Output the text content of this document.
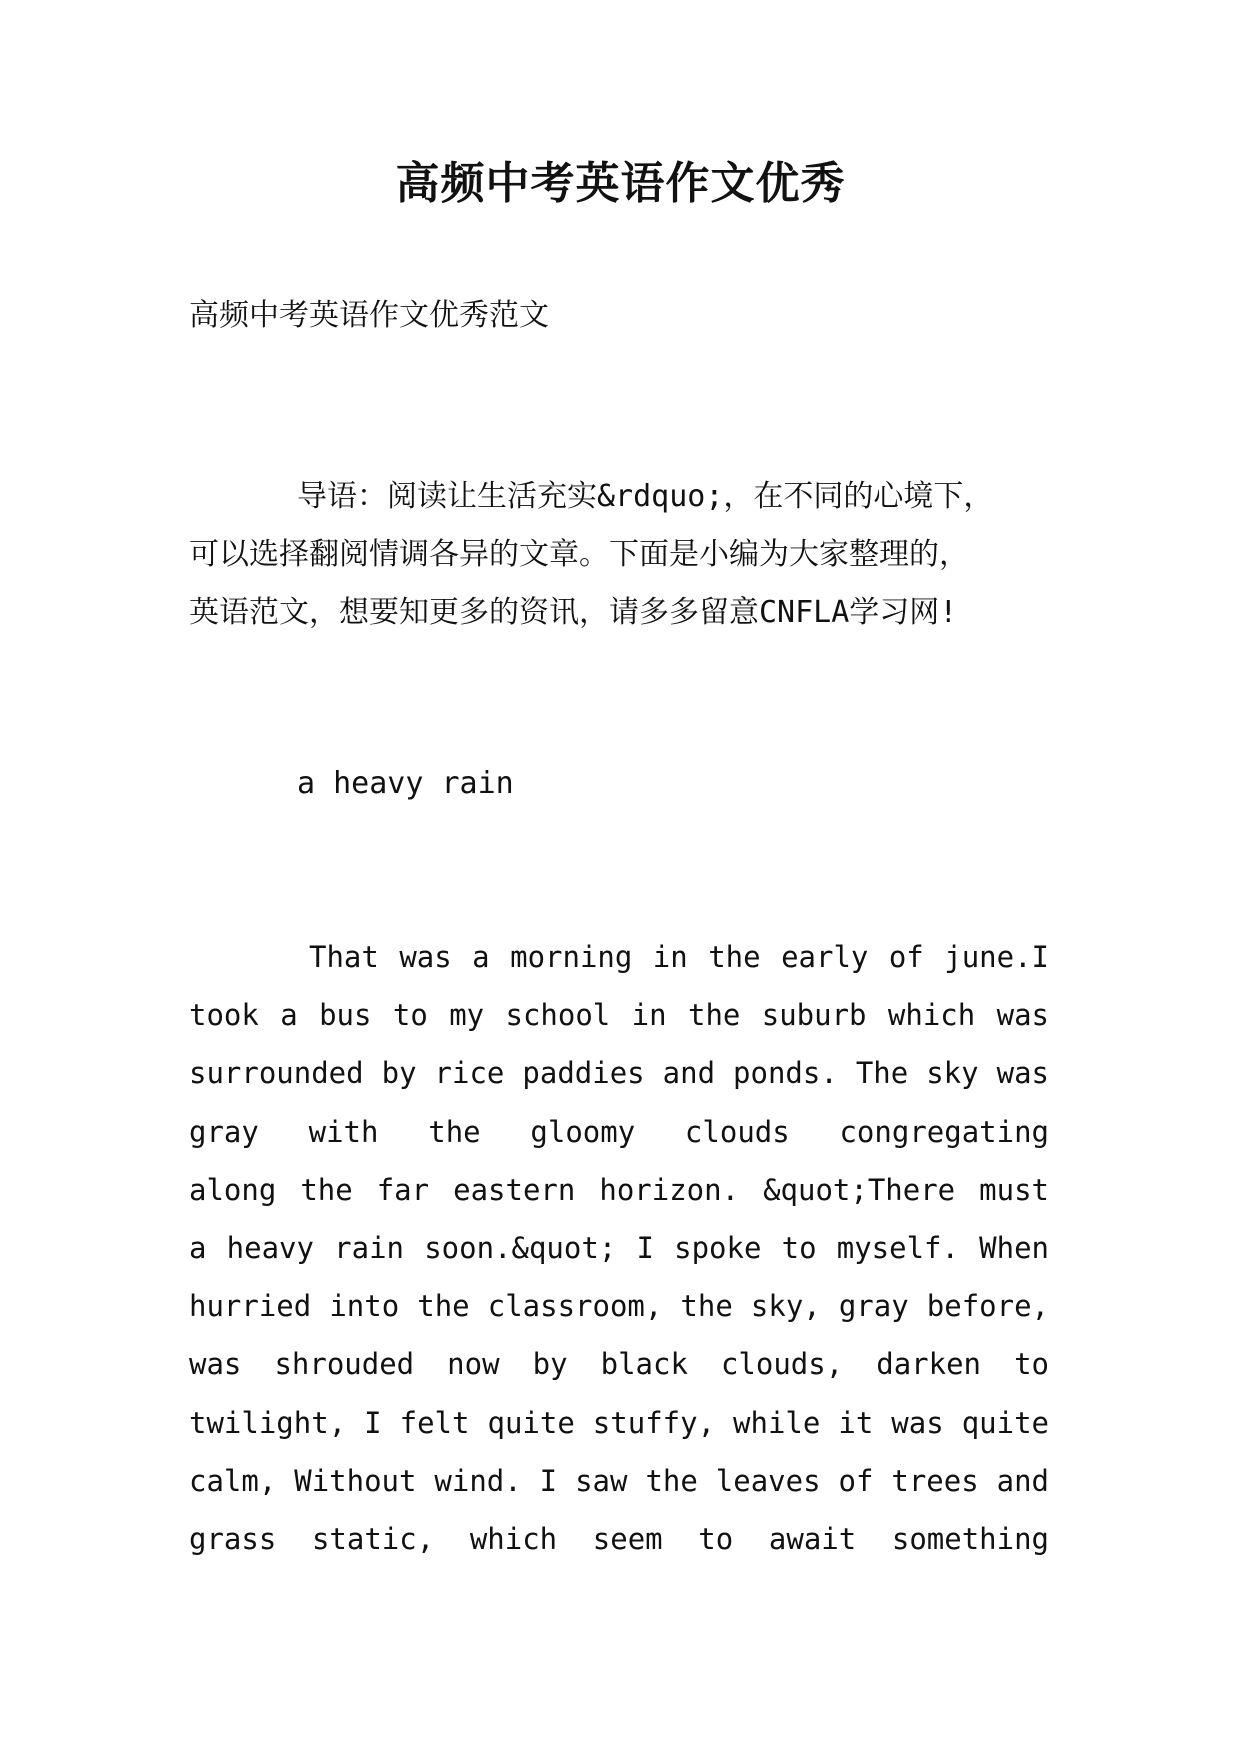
高频中考英语作文优秀

高频中考英语作文优秀范文

导语：阅读让生活充实&rdquo;，在不同的心境下，
可以选择翻阅情调各异的文章。下面是小编为大家整理的，
英语范文，想要知更多的资讯，请多多留意CNFLA学习网!

a heavy rain

That was a morning in the early of june.I
took a bus to my school in the suburb which was
surrounded by rice paddies and ponds. The sky was
gray with the gloomy clouds congregating
along the far eastern horizon. &quot;There must
a heavy rain soon.&quot; I spoke to myself. When
hurried into the classroom, the sky, gray before,
was shrouded now by black clouds, darken to
twilight, I felt quite stuffy, while it was quite
calm, Without wind. I saw the leaves of trees and
grass static, which seem to await something
